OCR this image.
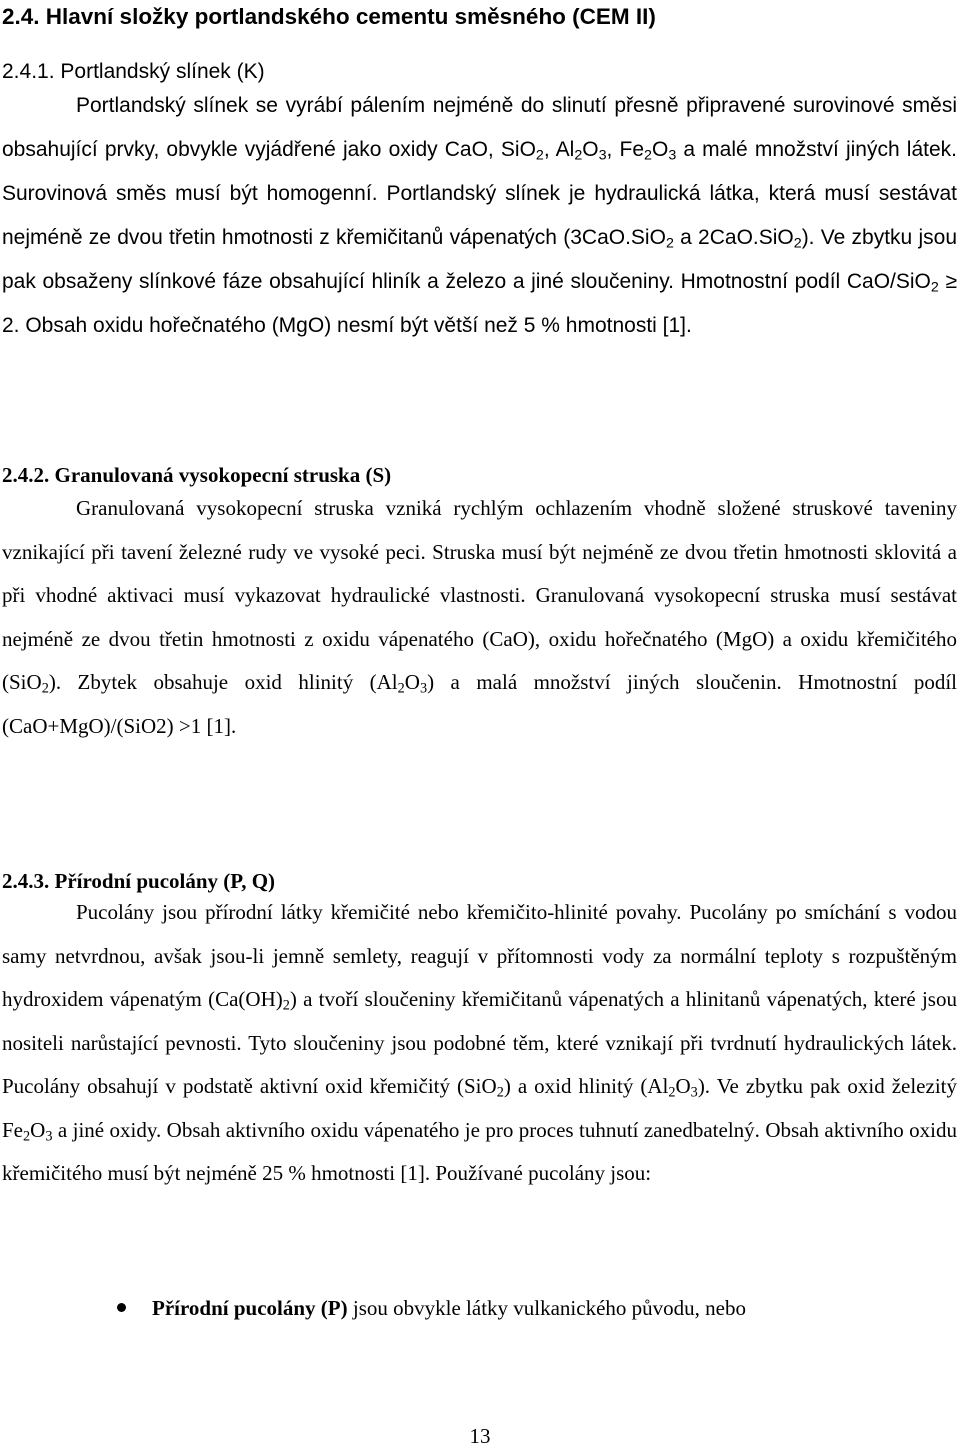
2.4. Hlavní složky portlandského cementu směsného (CEM II)
2.4.1. Portlandský slínek (K)

Portlandský slínek se vyrábí pálením nejméně do slinutí přesně připravené surovinové směsi obsahující prvky, obvykle vyjádřené jako oxidy CaO, SiO$_2$, $Al_2O_3$, $Fe_2O_3$ a malé množství jiných látek. Surovinová směs musí být homogenní. Portlandský slínek je hydraulická látka, která musí sestávat nejméně ze dvou třetin hmotnosti z křemičitanů vápenatých (3CaO.SiO$_2$ a 2CaO.SiO$_2$). Ve zbytku jsou pak obsaženy slínkové fáze obsahující hliník a železo a jiné sloučeniny. Hmotnostní podíl CaO/SiO$_2$ ≥ 2. Obsah oxidu hořečnatého (MgO) nesmí být větší než 5 % hmotnosti [1].

2.4.2. Granulovaná vysokopecní struska (S)

Granulovaná vysokopecní struska vzniká rychlým ochlazením vhodně složené struskové taveniny vznikající při tavení železné rudy ve vysoké peci. Struska musí být nejméně ze dvou třetin hmotnosti sklovitá a při vhodné aktivaci musí vykazovat hydraulické vlastnosti. Granulovaná vysokopecní struska musí sestávat nejméně ze dvou třetin hmotnosti z oxidu vápenatého (CaO), oxidu hořečnatého (MgO) a oxidu křemičitého (SiO$_2$). Zbytek obsahuje oxid hlinitý $(Al_2O_3)$ a malá množství jiných sloučenin. Hmotnostní podíl (CaO+MgO)/(SiO2) >1 [1].

2.4.3. Přírodní pucolány (P, Q)

Pucolány jsou přírodní látky křemičité nebo křemičito-hlinité povahy. Pucolány po smíchání s vodou samy netvrdnou, avšak jsou-li jemně semlety, reagují v přítomnosti vody za normální teploty s rozpuštěným hydroxidem vápenatým $(Ca(OH)_2)$ a tvoří sloučeniny křemičitanů vápenatých a hlinitanů vápenatých, které jsou nositeli narůstající pevnosti. Tyto sloučeniny jsou podobné těm, které vznikají při tvrdnutí hydraulických látek. Pucolány obsahují v podstatě aktivní oxid křemičitý (SiO$_2$) a oxid hlinitý $(Al_2O_3)$. Ve zbytku pak oxid železitý $Fe_2O_3$ a jiné oxidy. Obsah aktivního oxidu vápenatého je pro proces tuhnutí zanedbatelný. Obsah aktivního oxidu křemičitého musí být nejméně 25 % hmotnosti [1]. Používané pucolány jsou:

Přírodní pucolány (P) jsou obvykle látky vulkanického původu, nebo
13
